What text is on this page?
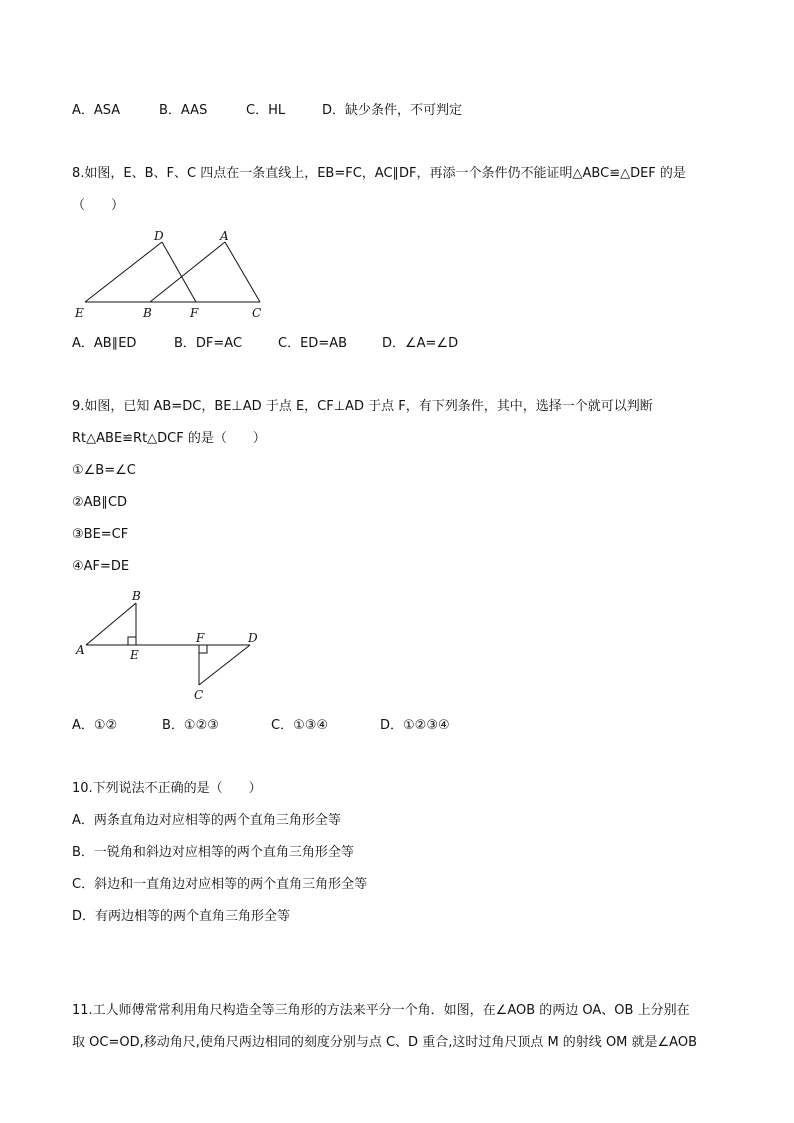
A．ASA	B．AAS	C．HL	D．缺少条件，不可判定
8.如图，E、B、F、C 四点在一条直线上，EB=FC，AC∥DF，再添一个条件仍不能证明△ABC≌△DEF 的是
（　　）
D	A
E	B	F	C
A．AB∥ED	B．DF=AC	C．ED=AB	D．∠A=∠D
9.如图，已知 AB=DC，BE⊥AD 于点 E，CF⊥AD 于点 F，有下列条件，其中，选择一个就可以判断
Rt△ABE≌Rt△DCF 的是（　　）
①∠B=∠C
②AB∥CD
③BE=CF
④AF=DE
B
A	E
F	D
C
A．①②	B．①②③	C．①③④	D．①②③④
10.下列说法不正确的是（　　）
A．两条直角边对应相等的两个直角三角形全等
B．一锐角和斜边对应相等的两个直角三角形全等
C．斜边和一直角边对应相等的两个直角三角形全等
D．有两边相等的两个直角三角形全等
11.工人师傅常常利用角尺构造全等三角形的方法来平分一个角．如图，在∠AOB 的两边 OA、OB 上分别在
取 OC=OD,移动角尺,使角尺两边相同的刻度分别与点 C、D 重合,这时过角尺顶点 M 的射线 OM 就是∠AOB
